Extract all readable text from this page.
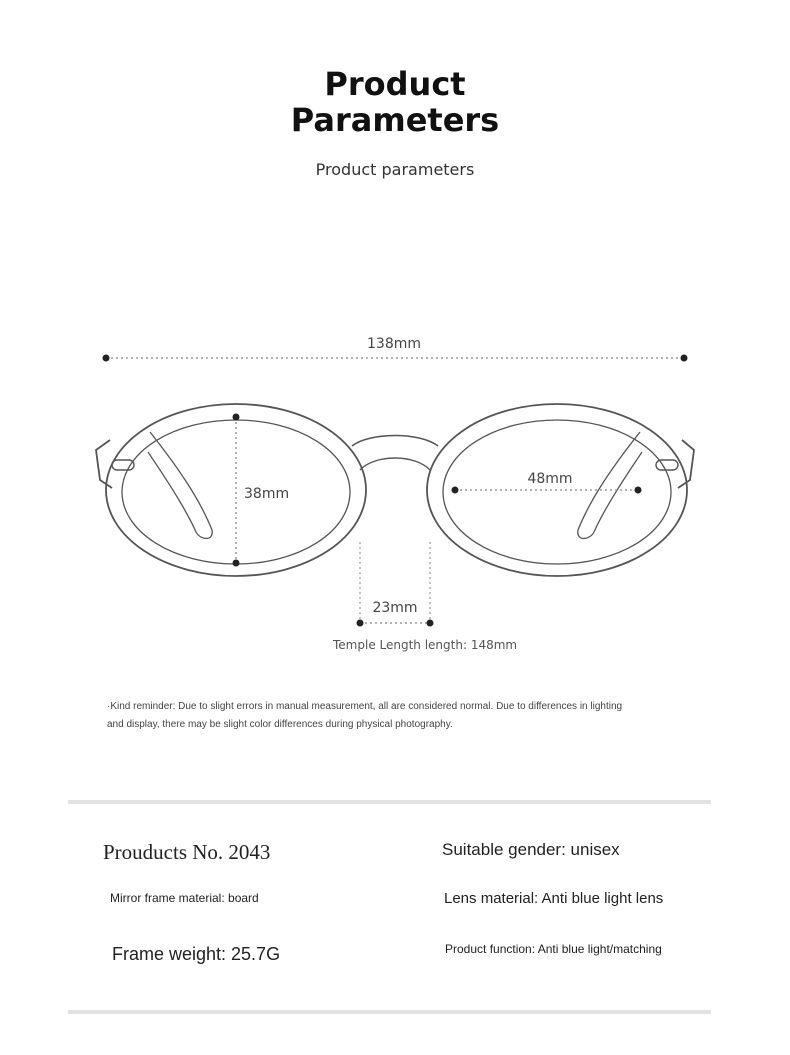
Product
Parameters
Product parameters
138mm
38mm
48mm
23mm
Temple Length length: 148mm
·Kind reminder: Due to slight errors in manual measurement, all are considered normal. Due to differences in lighting
and display, there may be slight color differences during physical photography.
Prouducts No. 2043	Suitable gender: unisex
Mirror frame material: board	Lens material: Anti blue light lens
Frame weight: 25.7G	Product function: Anti blue light/matching
